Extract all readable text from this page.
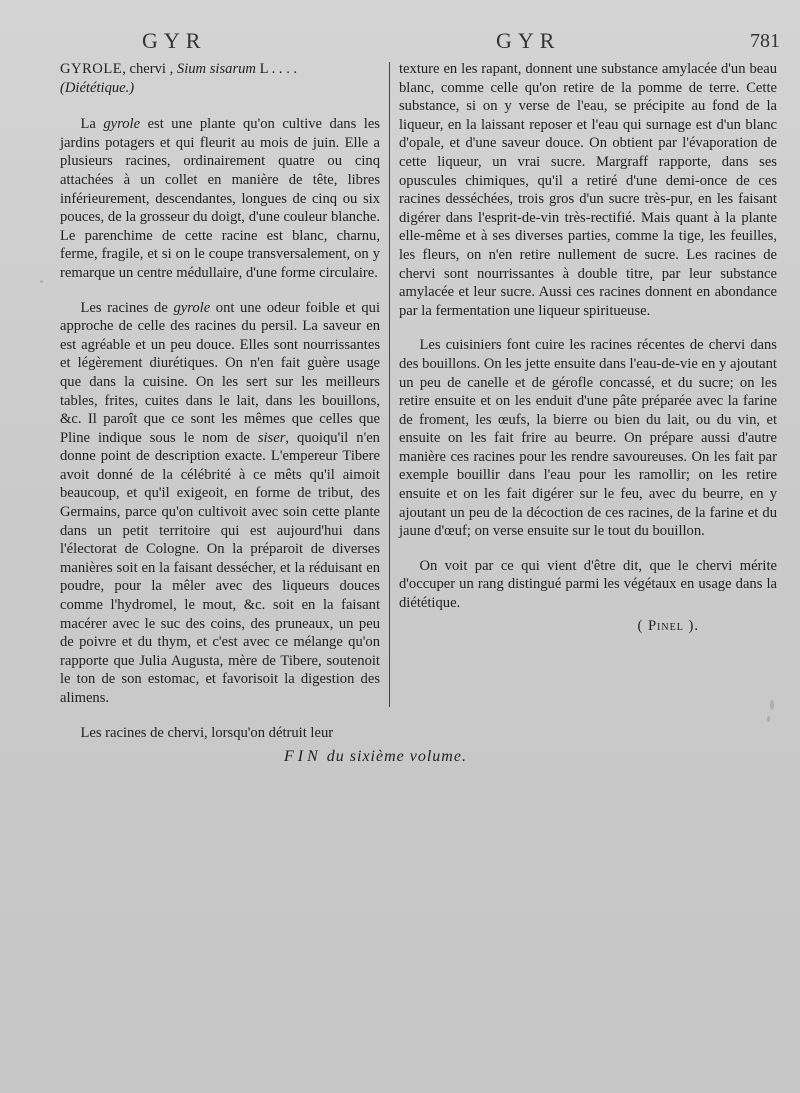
GYR	GYR	781

GYROLE, chervi , Sium sisarum L . . . .
(Diététique.)

La gyrole est une plante qu'on cultive dans les jardins potagers et qui fleurit au mois de juin. Elle a plusieurs racines, ordinairement quatre ou cinq attachées à un collet en manière de tête, libres inférieurement, descendantes, longues de cinq ou six pouces, de la grosseur du doigt, d'une couleur blanche. Le parenchime de cette racine est blanc, charnu, ferme, fragile, et si on le coupe transversalement, on y remarque un centre médullaire, d'une forme circulaire.

Les racines de gyrole ont une odeur foible et qui approche de celle des racines du persil. La saveur en est agréable et un peu douce. Elles sont nourrissantes et légèrement diurétiques. On n'en fait guère usage que dans la cuisine. On les sert sur les meilleurs tables, frites, cuites dans le lait, dans les bouillons, &c. Il paroît que ce sont les mêmes que celles que Pline indique sous le nom de siser, quoiqu'il n'en donne point de description exacte. L'empereur Tibere avoit donné de la célébrité à ce mêts qu'il aimoit beaucoup, et qu'il exigeoit, en forme de tribut, des Germains, parce qu'on cultivoit avec soin cette plante dans un petit territoire qui est aujourd'hui dans l'électorat de Cologne. On la préparoit de diverses manières soit en la faisant dessécher, et la réduisant en poudre, pour la mêler avec des liqueurs douces comme l'hydromel, le mout, &c. soit en la faisant macérer avec le suc des coins, des pruneaux, un peu de poivre et du thym, et c'est avec ce mélange qu'on rapporte que Julia Augusta, mère de Tibere, soutenoit le ton de son estomac, et favorisoit la digestion des alimens.

Les racines de chervi, lorsqu'on détruit leur

texture en les rapant, donnent une substance amylacée d'un beau blanc, comme celle qu'on retire de la pomme de terre. Cette substance, si on y verse de l'eau, se précipite au fond de la liqueur, en la laissant reposer et l'eau qui surnage est d'un blanc d'opale, et d'une saveur douce. On obtient par l'évaporation de cette liqueur, un vrai sucre. Margraff rapporte, dans ses opuscules chimiques, qu'il a retiré d'une demi-once de ces racines desséchées, trois gros d'un sucre très-pur, en les faisant digérer dans l'esprit-de-vin très-rectifié. Mais quant à la plante elle-même et à ses diverses parties, comme la tige, les feuilles, les fleurs, on n'en retire nullement de sucre. Les racines de chervi sont nourrissantes à double titre, par leur substance amylacée et leur sucre. Aussi ces racines donnent en abondance par la fermentation une liqueur spiritueuse.

Les cuisiniers font cuire les racines récentes de chervi dans des bouillons. On les jette ensuite dans l'eau-de-vie en y ajoutant un peu de canelle et de gérofle concassé, et du sucre; on les retire ensuite et on les enduit d'une pâte préparée avec la farine de froment, les œufs, la bierre ou bien du lait, ou du vin, et ensuite on les fait frire au beurre. On prépare aussi d'autre manière ces racines pour les rendre savoureuses. On les fait par exemple bouillir dans l'eau pour les ramollir; on les retire ensuite et on les fait digérer sur le feu, avec du beurre, en y ajoutant un peu de la décoction de ces racines, de la farine et du jaune d'œuf; on verse ensuite sur le tout du bouillon.

On voit par ce qui vient d'être dit, que le chervi mérite d'occuper un rang distingué parmi les végétaux en usage dans la diététique.

( Pinel ).

FIN du sixième volume.
